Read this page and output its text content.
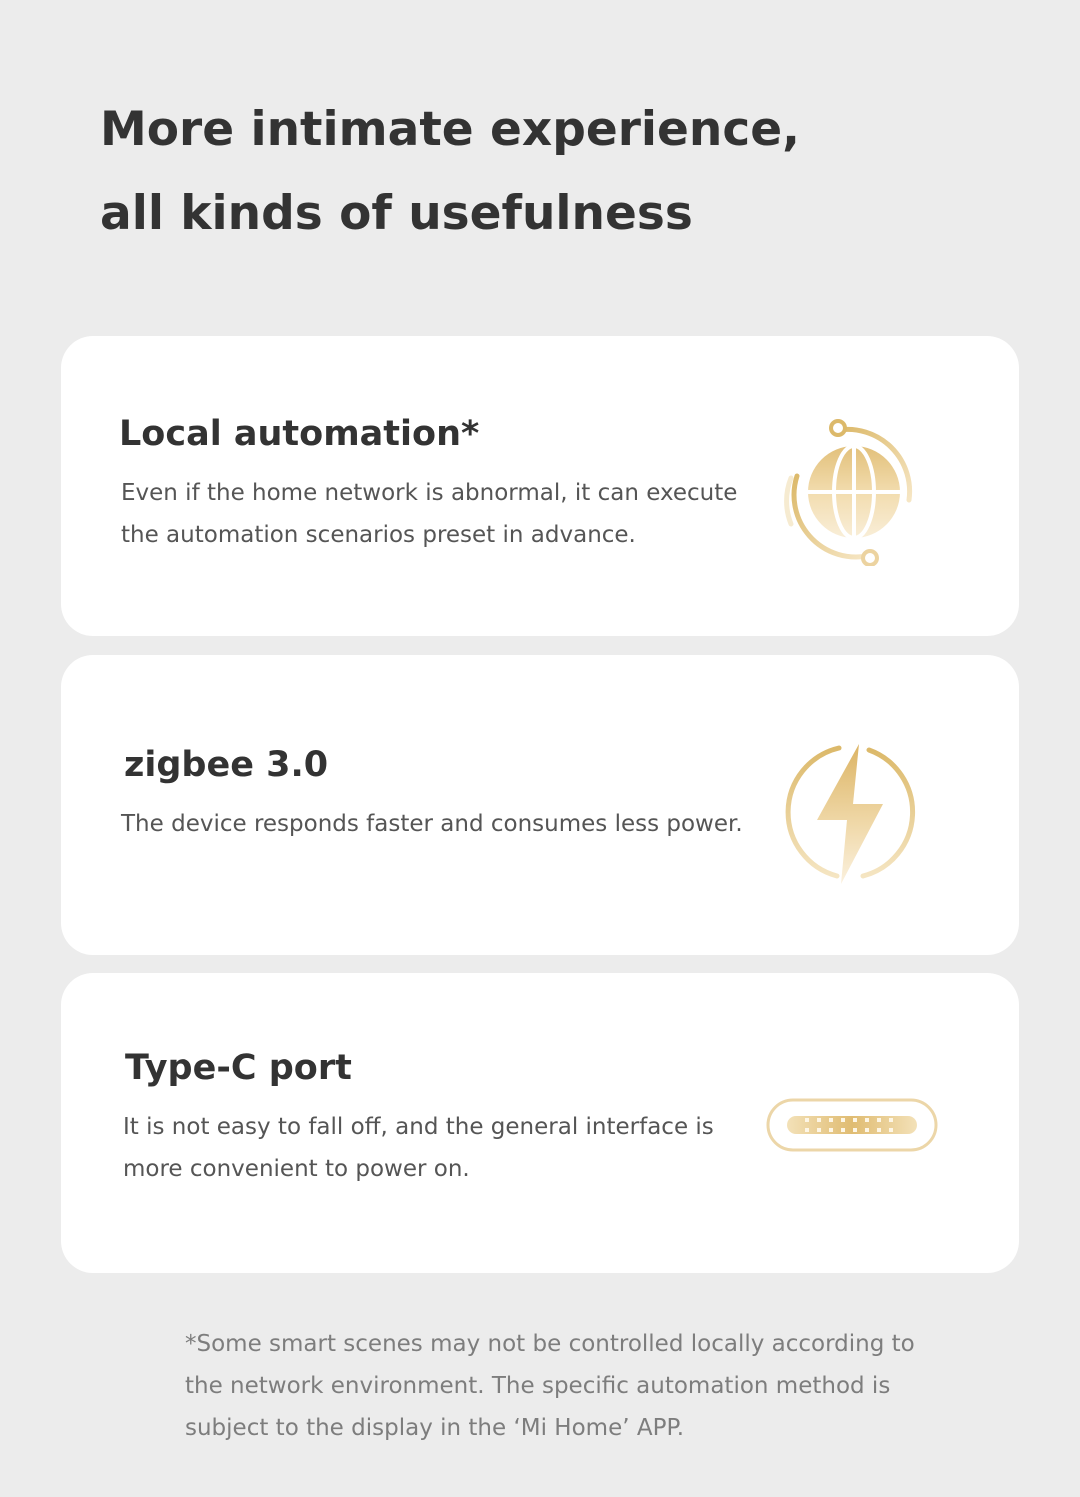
More intimate experience,
all kinds of usefulness
Local automation*

Even if the home network is abnormal, it can execute the automation scenarios preset in advance.

zigbee 3.0

The device responds faster and consumes less power.

Type-C port

It is not easy to fall off, and the general interface is more convenient to power on.

*Some smart scenes may not be controlled locally according to the network environment. The specific automation method is subject to the display in the ‘Mi Home’ APP.
